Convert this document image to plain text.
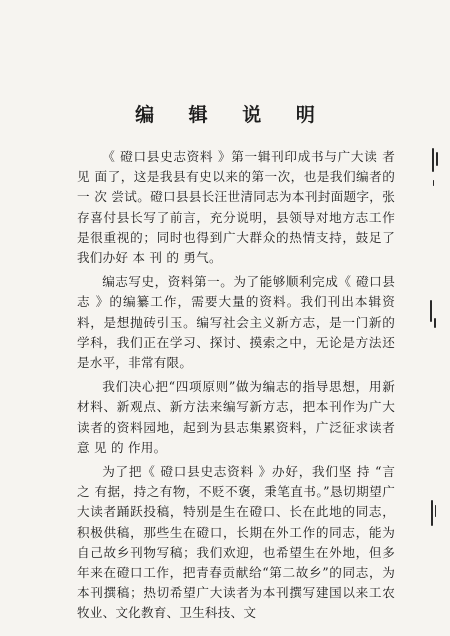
编 辑 说 明

《 磴口县史志资料 》第一辑刊印成书与广大读 者 见 面了，这是我县有史以来的第一次，也是我们编者的 一 次 尝试。磴口县县长汪世清同志为本刊封面题字，张存喜付县长写了前言，充分说明，县领导对地方志工作是很重视的；同时也得到广大群众的热情支持，鼓足了我们办好 本 刊 的 勇气。

编志写史，资料第一。为了能够顺利完成《 磴口县志 》的编纂工作，需要大量的资料。我们刊出本辑资料，是想抛砖引玉。编写社会主义新方志，是一门新的学科，我们正在学习、探讨、摸索之中，无论是方法还是水平，非常有限。

我们决心把“四项原则”做为编志的指导思想，用新材料、新观点、新方法来编写新方志，把本刊作为广大读者的资料园地，起到为县志集累资料，广泛征求读者意 见 的 作用。

为了把《 磴口县史志资料 》办好，我们坚 持 “言 之 有据，持之有物，不贬不褒，秉笔直书。”恳切期望广大读者踊跃投稿，特别是生在磴口、长在此地的同志，积极供稿，那些生在磴口，长期在外工作的同志，能为自己故乡刊物写稿；我们欢迎，也希望生在外地，但多年来在磴口工作，把青春贡献给“第二故乡”的同志，为本刊撰稿；热切希望广大读者为本刊撰写建国以来工农牧业、文化教育、卫生科技、文
